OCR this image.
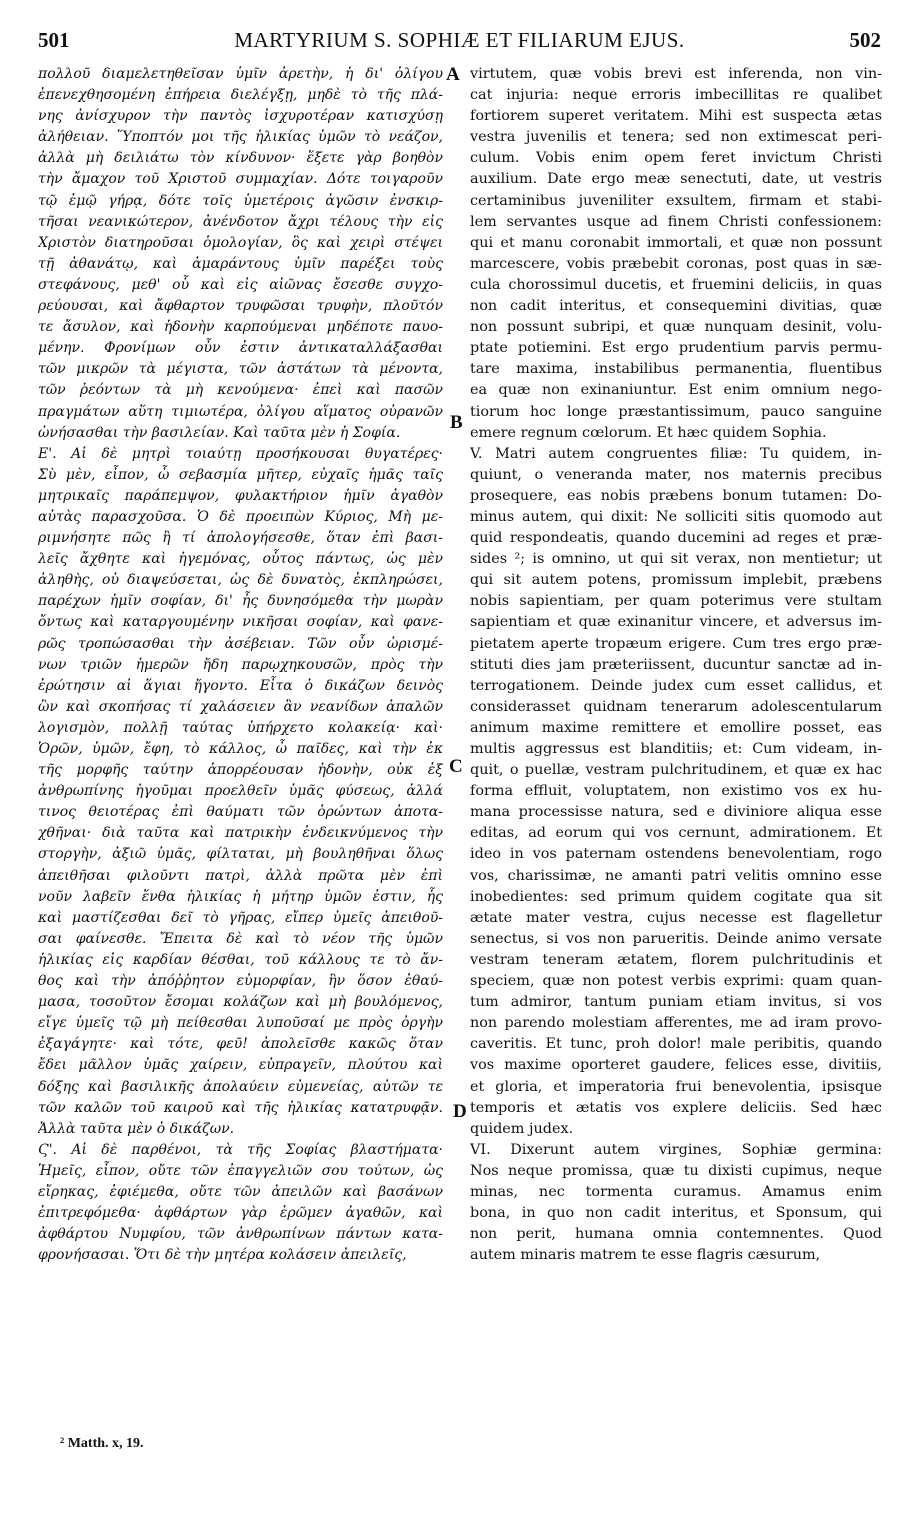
501	MARTYRIUM S. SOPHIÆ ET FILIARUM EJUS.	502
πολλοῦ διαμελετηθεῖσαν ὑμῖν ἀρετὴν, ἡ δι' ὀλίγου
ἐπενεχθησομένη ἐπήρεια διελέγξῃ, μηδὲ τὸ τῆς πλά-
νης ἀνίσχυρον τὴν παντὸς ἰσχυροτέραν κατισχύσῃ
ἀλήθειαν. Ὕποπτόν μοι τῆς ἡλικίας ὑμῶν τὸ νεάζον,
ἀλλὰ μὴ δειλιάτω τὸν κίνδυνον· ἕξετε γὰρ βοηθὸν
τὴν ἄμαχον τοῦ Χριστοῦ συμμαχίαν. Δότε τοιγαροῦν
τῷ ἐμῷ γήρᾳ, δότε τοῖς ὑμετέροις ἀγῶσιν ἐνσκιρ-
τῆσαι νεανικώτερον, ἀνένδοτον ἄχρι τέλους τὴν εἰς
Χριστὸν διατηροῦσαι ὁμολογίαν, ὃς καὶ χειρὶ στέψει
τῇ ἀθανάτῳ, καὶ ἀμαράντους ὑμῖν παρέξει τοὺς
στεφάνους, μεθ' οὗ καὶ εἰς αἰῶνας ἔσεσθε συγχο-
ρεύουσαι, καὶ ἄφθαρτον τρυφῶσαι τρυφὴν, πλοῦτόν
τε ἄσυλον, καὶ ἡδονὴν καρπούμεναι μηδέποτε παυο-
μένην. Φρονίμων οὖν ἐστιν ἀντικαταλλάξασθαι
τῶν μικρῶν τὰ μέγιστα, τῶν ἀστάτων τὰ μένοντα,
τῶν ῥεόντων τὰ μὴ κενούμενα· ἐπεὶ καὶ πασῶν
πραγμάτων αὕτη τιμιωτέρα, ὀλίγου αἵματος οὐρανῶν
ὠνήσασθαι τὴν βασιλείαν. Καὶ ταῦτα μὲν ἡ Σοφία.
Ε'. Αἱ δὲ μητρὶ τοιαύτῃ προσήκουσαι θυγατέρες·
Σὺ μὲν, εἶπον, ὦ σεβασμία μῆτερ, εὐχαῖς ἡμᾶς ταῖς
μητρικαῖς παράπεμψον, φυλακτήριον ἡμῖν ἀγαθὸν
αὐτὰς παρασχοῦσα. Ὁ δὲ προειπὼν Κύριος, Μὴ με-
ριμνήσητε πῶς ἢ τί ἀπολογήσεσθε, ὅταν ἐπὶ βασι-
λεῖς ἄχθητε καὶ ἡγεμόνας, οὗτος πάντως, ὡς μὲν
ἀληθὴς, οὐ διαψεύσεται, ὡς δὲ δυνατὸς, ἐκπληρώσει,
παρέχων ἡμῖν σοφίαν, δι' ἧς δυνησόμεθα τὴν μωρὰν
ὄντως καὶ καταργουμένην νικῆσαι σοφίαν, καὶ φανε-
ρῶς τροπώσασθαι τὴν ἀσέβειαν. Τῶν οὖν ὡρισμέ-
νων τριῶν ἡμερῶν ἤδη παρῳχηκουσῶν, πρὸς τὴν
ἐρώτησιν αἱ ἅγιαι ἤγοντο. Εἶτα ὁ δικάζων δεινὸς
ὢν καὶ σκοπήσας τί χαλάσειεν ἂν νεανίδων ἁπαλῶν
λογισμὸν, πολλῇ ταύτας ὑπήρχετο κολακείᾳ· καὶ·
Ὁρῶν, ὑμῶν, ἔφη, τὸ κάλλος, ὦ παῖδες, καὶ τὴν ἐκ
τῆς μορφῆς ταύτην ἀπορρέουσαν ἡδονὴν, οὐκ ἐξ
ἀνθρωπίνης ἡγοῦμαι προελθεῖν ὑμᾶς φύσεως, ἀλλά
τινος θειοτέρας ἐπὶ θαύματι τῶν ὁρώντων ἀποτα-
χθῆναι· διὰ ταῦτα καὶ πατρικὴν ἐνδεικνύμενος τὴν
στοργὴν, ἀξιῶ ὑμᾶς, φίλταται, μὴ βουληθῆναι ὅλως
ἀπειθῆσαι φιλοῦντι πατρὶ, ἀλλὰ πρῶτα μὲν ἐπὶ
νοῦν λαβεῖν ἔνθα ἡλικίας ἡ μήτηρ ὑμῶν ἐστιν, ἧς
καὶ μαστίζεσθαι δεῖ τὸ γῆρας, εἴπερ ὑμεῖς ἀπειθοῦ-
σαι φαίνεσθε. Ἔπειτα δὲ καὶ τὸ νέον τῆς ὑμῶν
ἡλικίας εἰς καρδίαν θέσθαι, τοῦ κάλλους τε τὸ ἄν-
θος καὶ τὴν ἀπόῤῥητον εὐμορφίαν, ἣν ὅσον ἐθαύ-
μασα, τοσοῦτον ἔσομαι κολάζων καὶ μὴ βουλόμενος,
εἴγε ὑμεῖς τῷ μὴ πείθεσθαι λυποῦσαί με πρὸς ὀργὴν
ἐξαγάγητε· καὶ τότε, φεῦ! ἀπολεῖσθε κακῶς ὅταν
ἔδει μᾶλλον ὑμᾶς χαίρειν, εὐπραγεῖν, πλούτου καὶ
δόξης καὶ βασιλικῆς ἀπολαύειν εὐμενείας, αὐτῶν τε
τῶν καλῶν τοῦ καιροῦ καὶ τῆς ἡλικίας κατατρυφᾷν.
Ἀλλὰ ταῦτα μὲν ὁ δικάζων.
Ϛ'. Αἱ δὲ παρθένοι, τὰ τῆς Σοφίας βλαστήματα·
Ἡμεῖς, εἶπον, οὔτε τῶν ἐπαγγελιῶν σου τούτων, ὡς
εἴρηκας, ἐφιέμεθα, οὔτε τῶν ἀπειλῶν καὶ βασάνων
ἐπιτρεφόμεθα· ἀφθάρτων γὰρ ἐρῶμεν ἀγαθῶν, καὶ
ἀφθάρτου Νυμφίου, τῶν ἀνθρωπίνων πάντων κατα-
φρονήσασαι. Ὅτι δὲ τὴν μητέρα κολάσειν ἀπειλεῖς,
virtutem, quæ vobis brevi est inferenda, non vin-
cat injuria: neque erroris imbecillitas re qualibet
fortiorem superet veritatem. Mihi est suspecta ætas
vestra juvenilis et tenera; sed non extimescat peri-
culum. Vobis enim opem feret invictum Christi
auxilium. Date ergo meæ senectuti, date, ut vestris
certaminibus juveniliter exsultem, firmam et stabi-
lem servantes usque ad finem Christi confessionem:
qui et manu coronabit immortali, et quæ non possunt
marcescere, vobis præbebit coronas, post quas in sæ-
cula chorossimul ducetis, et fruemini deliciis, in quas
non cadit interitus, et consequemini divitias, quæ
non possunt subripi, et quæ nunquam desinit, volu-
ptate potiemini. Est ergo prudentium parvis permu-
tare maxima, instabilibus permanentia, fluentibus
ea quæ non exinaniuntur. Est enim omnium nego-
tiorum hoc longe præstantissimum, pauco sanguine
emere regnum cœlorum. Et hæc quidem Sophia.
V. Matri autem congruentes filiæ: Tu quidem, in-
quiunt, o veneranda mater, nos maternis precibus
prosequere, eas nobis præbens bonum tutamen: Do-
minus autem, qui dixit: Ne solliciti sitis quomodo aut
quid respondeatis, quando ducemini ad reges et præ-
sides ²; is omnino, ut qui sit verax, non mentietur; ut
qui sit autem potens, promissum implebit, præbens
nobis sapientiam, per quam poterimus vere stultam
sapientiam et quæ exinanitur vincere, et adversus im-
pietatem aperte tropæum erigere. Cum tres ergo præ-
stituti dies jam præteriissent, ducuntur sanctæ ad in-
terrogationem. Deinde judex cum esset callidus, et
considerasset quidnam tenerarum adolescentularum
animum maxime remittere et emollire posset, eas
multis aggressus est blanditiis; et: Cum videam, in-
quit, o puellæ, vestram pulchritudinem, et quæ ex hac
forma effluit, voluptatem, non existimo vos ex hu-
mana processisse natura, sed e diviniore aliqua esse
editas, ad eorum qui vos cernunt, admirationem. Et
ideo in vos paternam ostendens benevolentiam, rogo
vos, charissimæ, ne amanti patri velitis omnino esse
inobedientes: sed primum quidem cogitate qua sit
ætate mater vestra, cujus necesse est flagelletur
senectus, si vos non parueritis. Deinde animo versate
vestram teneram ætatem, florem pulchritudinis et
speciem, quæ non potest verbis exprimi: quam quan-
tum admiror, tantum puniam etiam invitus, si vos
non parendo molestiam afferentes, me ad iram provo-
caveritis. Et tunc, proh dolor! male peribitis, quando
vos maxime oporteret gaudere, felices esse, divitiis,
et gloria, et imperatoria frui benevolentia, ipsisque
temporis et ætatis vos explere deliciis. Sed hæc
quidem judex.
VI. Dixerunt autem virgines, Sophiæ germina:
Nos neque promissa, quæ tu dixisti cupimus, neque
minas, nec tormenta curamus. Amamus enim
bona, in quo non cadit interitus, et Sponsum, qui
non perit, humana omnia contemnentes. Quod
autem minaris matrem te esse flagris cæsurum,
A
B
C
D
² Matth. x, 19.
